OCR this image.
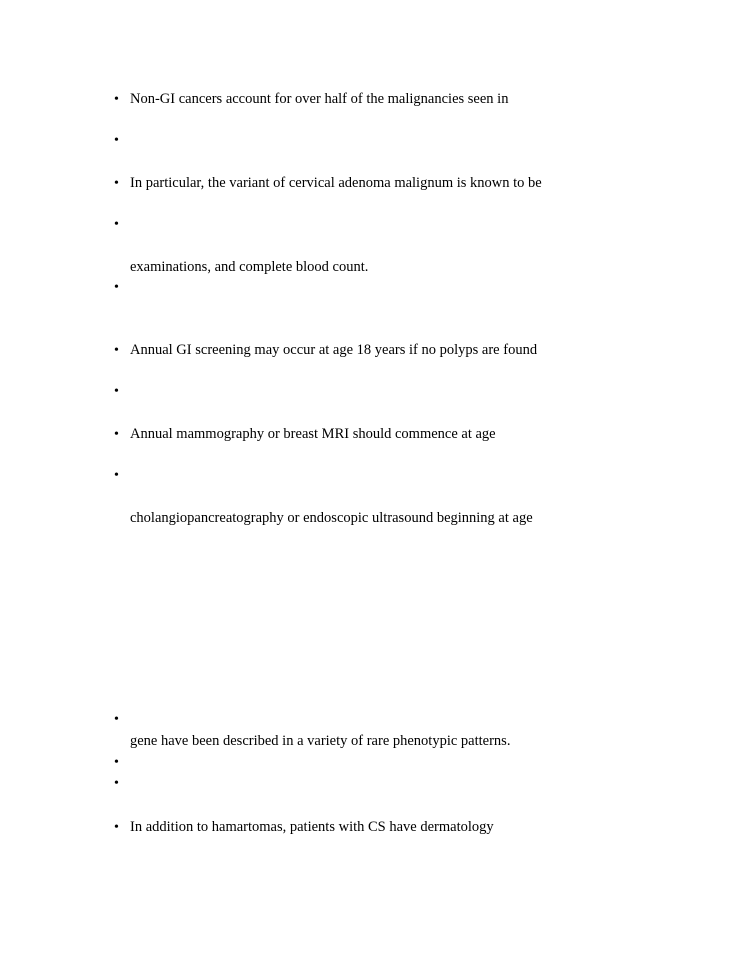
•
•
•
•
•
•
•
•
•
•
•
•
•
Non-GI cancers account for over half of the malignancies seen in
In particular, the variant of cervical adenoma malignum is known to be
examinations, and complete blood count.
Annual GI screening may occur at age 18 years if no polyps are found
Annual mammography or breast MRI should commence at age
cholangiopancreatography or endoscopic ultrasound beginning at age
gene have been described in a variety of rare phenotypic patterns.
In addition to hamartomas, patients with CS have dermatology
